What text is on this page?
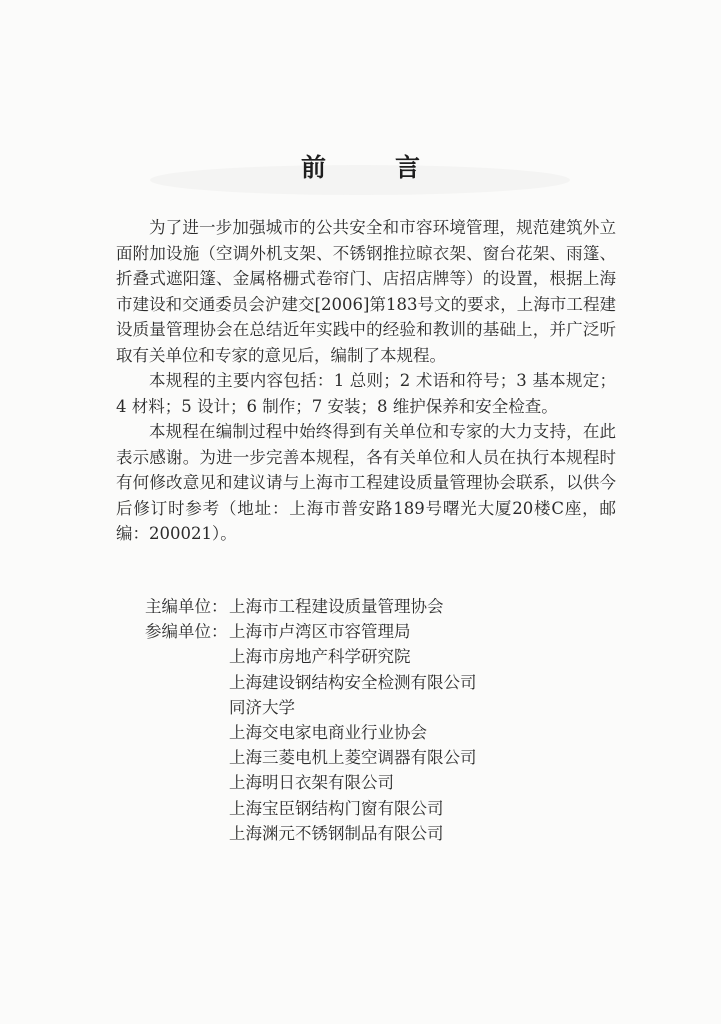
前　言

为了进一步加强城市的公共安全和市容环境管理，规范建筑外立面附加设施（空调外机支架、不锈钢推拉晾衣架、窗台花架、雨篷、折叠式遮阳篷、金属格栅式卷帘门、店招店牌等）的设置，根据上海市建设和交通委员会沪建交[2006]第183号文的要求，上海市工程建设质量管理协会在总结近年实践中的经验和教训的基础上，并广泛听取有关单位和专家的意见后，编制了本规程。

本规程的主要内容包括：1 总则；2 术语和符号；3 基本规定；4 材料；5 设计；6 制作；7 安装；8 维护保养和安全检查。

本规程在编制过程中始终得到有关单位和专家的大力支持，在此表示感谢。为进一步完善本规程，各有关单位和人员在执行本规程时有何修改意见和建议请与上海市工程建设质量管理协会联系，以供今后修订时参考（地址：上海市普安路189号曙光大厦20楼C座，邮编：200021）。

主编单位： 上海市工程建设质量管理协会
参编单位： 上海市卢湾区市容管理局
上海市房地产科学研究院
上海建设钢结构安全检测有限公司
同济大学
上海交电家电商业行业协会
上海三菱电机上菱空调器有限公司
上海明日衣架有限公司
上海宝臣钢结构门窗有限公司
上海渊元不锈钢制品有限公司
